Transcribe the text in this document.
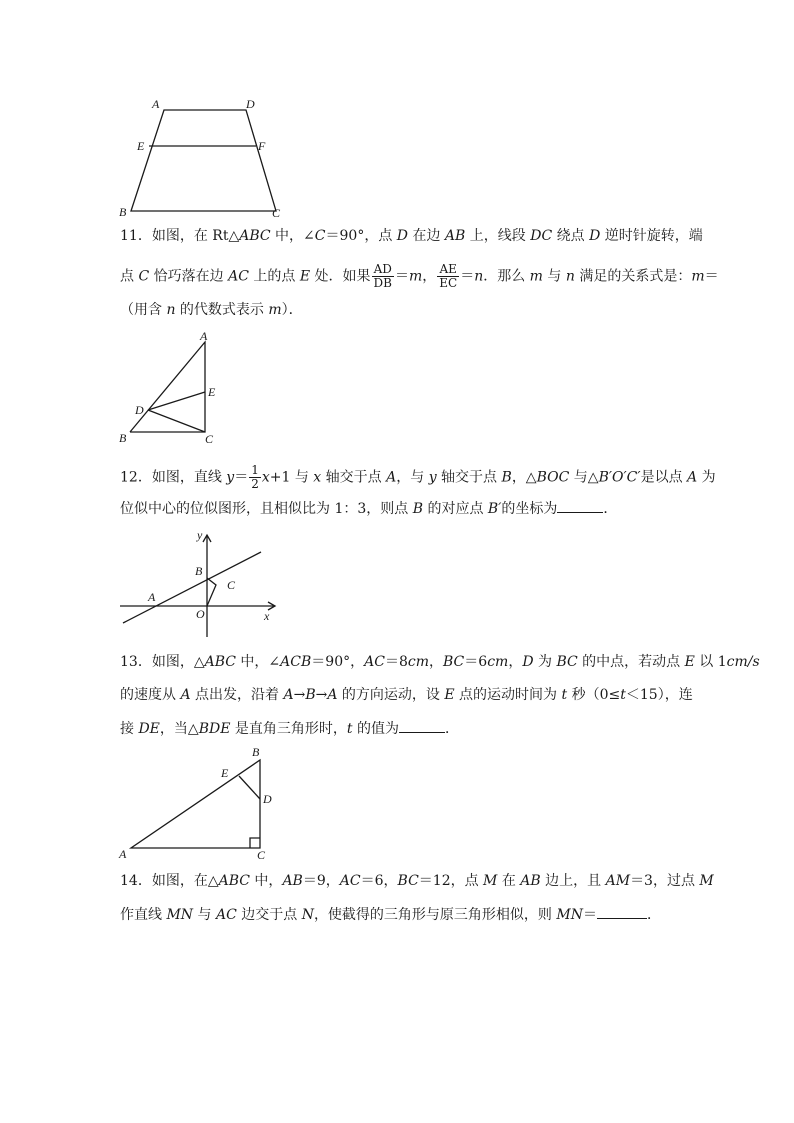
A	D
E	F
B	C
11．如图，在 Rt△ABC 中，∠C＝90°，点 D 在边 AB 上，线段 DC 绕点 D 逆时针旋转，端
点 C 恰巧落在边 AC 上的点 E 处．如果 $\frac{AD}{DB} =m$， $\frac{AE}{EC} =n$．那么 m 与 n 满足的关系式是：m＝
（用含 n 的代数式表示 m）．
A
E
D
B	C
12．如图，直线 $y= \frac{1}{2} x+1$ 与 x 轴交于点 A，与 y 轴交于点 B，△BOC 与△B′O′C′是以点 A 为
位似中心的位似图形，且相似比为 1：3，则点 B 的对应点 B′的坐标为	．
y
B
C
A
O	x
13．如图，△ABC 中，∠ACB＝90°，AC＝8cm，BC＝6cm，D 为 BC 的中点，若动点 E 以 1cm/s
的速度从 A 点出发，沿着 A→B→A 的方向运动，设 E 点的运动时间为 t 秒（0≤t＜15），连
接 DE，当△BDE 是直角三角形时，t 的值为	．
B
E
D
A	C
14．如图，在△ABC 中，AB＝9，AC＝6，BC＝12，点 M 在 AB 边上，且 AM＝3，过点 M
作直线 MN 与 AC 边交于点 N，使截得的三角形与原三角形相似，则 MN＝	．
